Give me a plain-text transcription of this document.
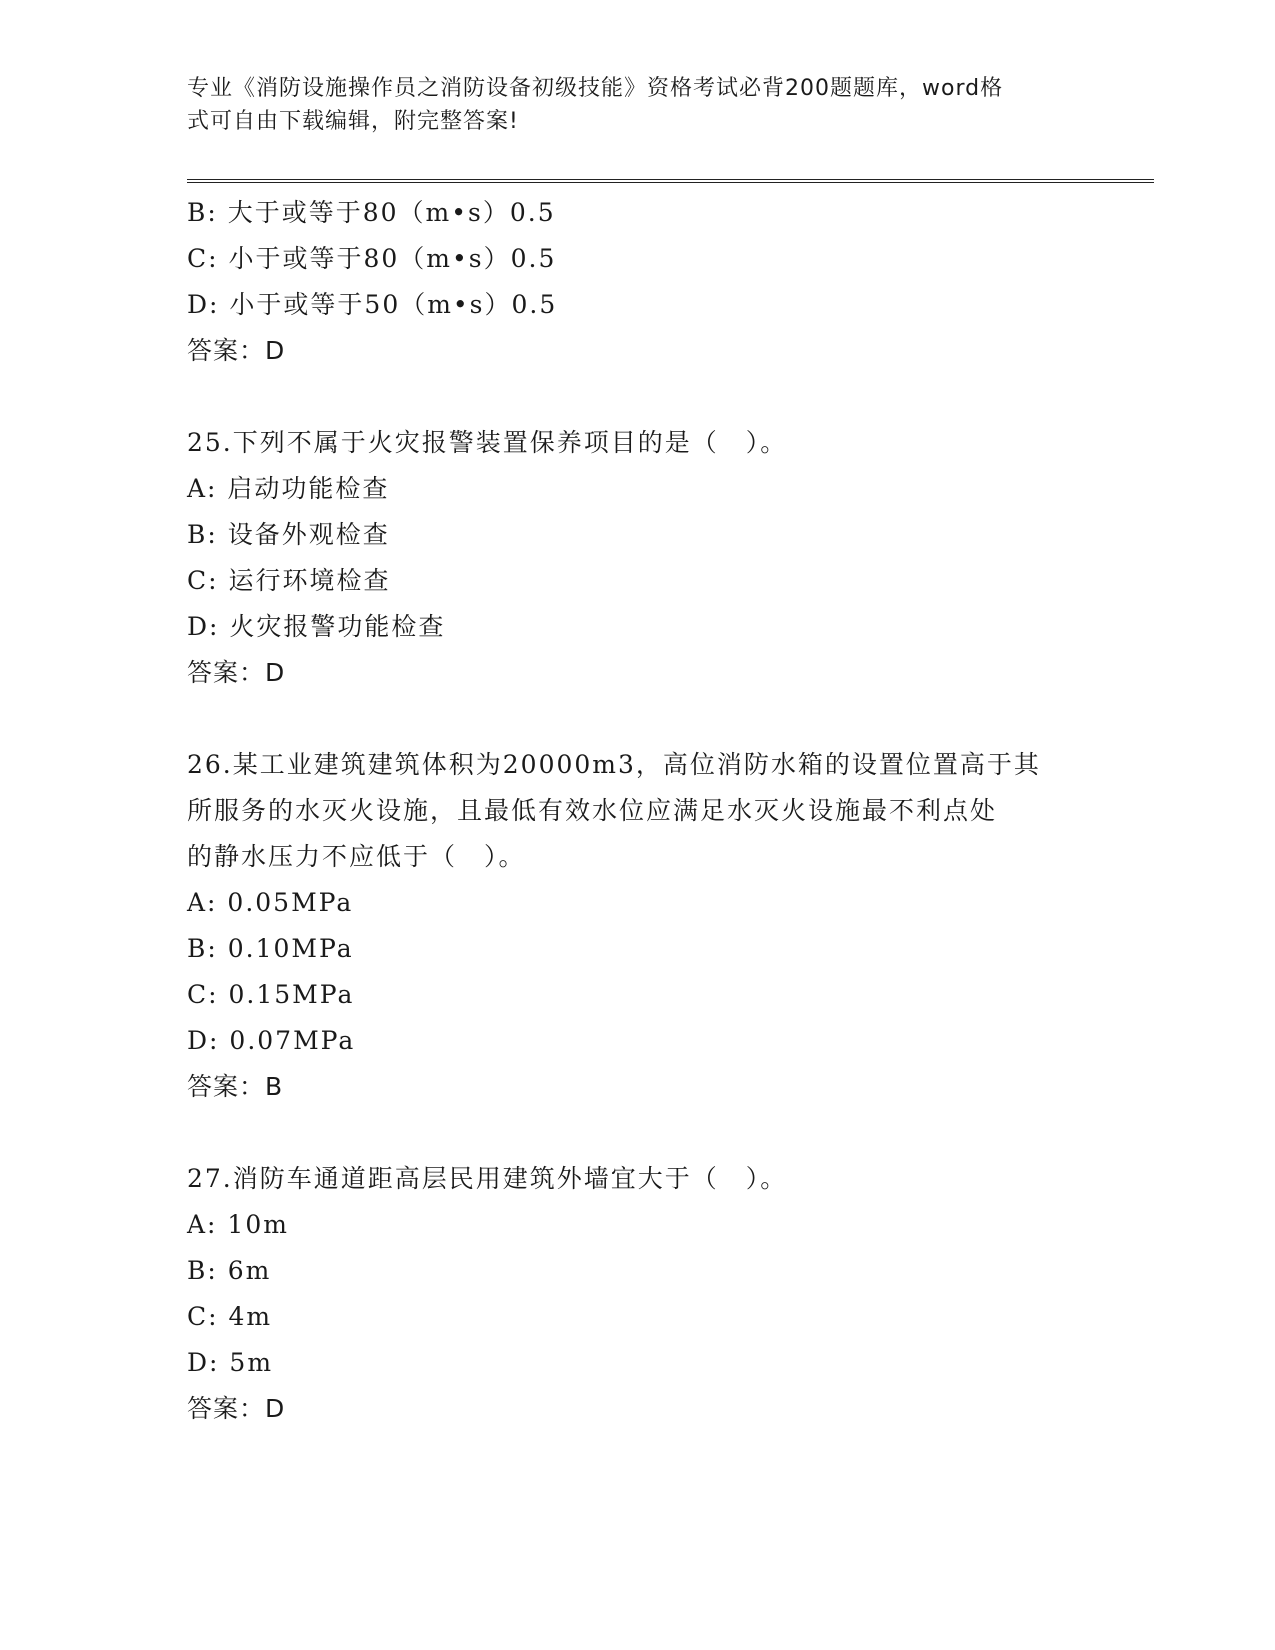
专业《消防设施操作员之消防设备初级技能》资格考试必背200题题库，word格
式可自由下载编辑，附完整答案!
B: 大于或等于80（m•s）0.5
C: 小于或等于80（m•s）0.5
D: 小于或等于50（m•s）0.5
答案：D
25.下列不属于火灾报警装置保养项目的是（　）。
A: 启动功能检查
B: 设备外观检查
C: 运行环境检查
D: 火灾报警功能检查
答案：D
26.某工业建筑建筑体积为20000m3，高位消防水箱的设置位置高于其
所服务的水灭火设施，且最低有效水位应满足水灭火设施最不利点处
的静水压力不应低于（　）。
A: 0.05MPa
B: 0.10MPa
C: 0.15MPa
D: 0.07MPa
答案：B
27.消防车通道距高层民用建筑外墙宜大于（　）。
A: 10m
B: 6m
C: 4m
D: 5m
答案：D
